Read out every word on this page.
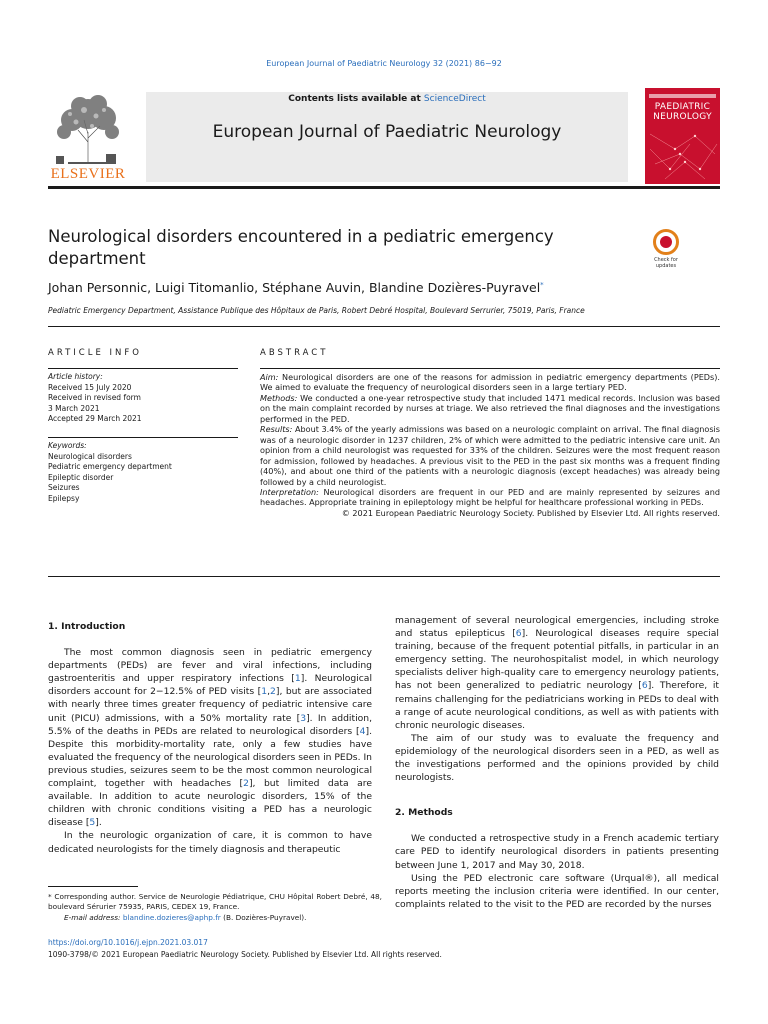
European Journal of Paediatric Neurology 32 (2021) 86−92
ELSEVIER
Contents lists available at ScienceDirect
European Journal of Paediatric Neurology
PAEDIATRIC NEUROLOGY
Neurological disorders encountered in a pediatric emergency department	Check for updates
Johan Personnic, Luigi Titomanlio, Stéphane Auvin, Blandine Dozières-Puyravel*
Pediatric Emergency Department, Assistance Publique des Hôpitaux de Paris, Robert Debré Hospital, Boulevard Serrurier, 75019, Paris, France
ARTICLE INFO
Article history:
Received 15 July 2020
Received in revised form
3 March 2021
Accepted 29 March 2021
Keywords:
Neurological disorders
Pediatric emergency department
Epileptic disorder
Seizures
Epilepsy
ABSTRACT
Aim: Neurological disorders are one of the reasons for admission in pediatric emergency departments (PEDs). We aimed to evaluate the frequency of neurological disorders seen in a large tertiary PED.
Methods: We conducted a one-year retrospective study that included 1471 medical records. Inclusion was based on the main complaint recorded by nurses at triage. We also retrieved the final diagnoses and the investigations performed in the PED.
Results: About 3.4% of the yearly admissions was based on a neurologic complaint on arrival. The final diagnosis was of a neurologic disorder in 1237 children, 2% of which were admitted to the pediatric intensive care unit. An opinion from a child neurologist was requested for 33% of the children. Seizures were the most frequent reason for admission, followed by headaches. A previous visit to the PED in the past six months was a frequent finding (40%), and about one third of the patients with a neurologic diagnosis (except headaches) was already being followed by a child neurologist.
Interpretation: Neurological disorders are frequent in our PED and are mainly represented by seizures and headaches. Appropriate training in epileptology might be helpful for healthcare professional working in PEDs.
© 2021 European Paediatric Neurology Society. Published by Elsevier Ltd. All rights reserved.
1. Introduction

The most common diagnosis seen in pediatric emergency departments (PEDs) are fever and viral infections, including gastroenteritis and upper respiratory infections [1]. Neurological disorders account for 2−12.5% of PED visits [1,2], but are associated with nearly three times greater frequency of pediatric intensive care unit (PICU) admissions, with a 50% mortality rate [3]. In addition, 5.5% of the deaths in PEDs are related to neurological disorders [4]. Despite this morbidity-mortality rate, only a few studies have evaluated the frequency of the neurological disorders seen in PEDs. In previous studies, seizures seem to be the most common neurological complaint, together with headaches [2], but limited data are available. In addition to acute neurologic disorders, 15% of the children with chronic conditions visiting a PED has a neurologic disease [5].

In the neurologic organization of care, it is common to have dedicated neurologists for the timely diagnosis and therapeutic

management of several neurological emergencies, including stroke and status epilepticus [6]. Neurological diseases require special training, because of the frequent potential pitfalls, in particular in an emergency setting. The neurohospitalist model, in which neurology specialists deliver high-quality care to emergency neurology patients, has not been generalized to pediatric neurology [6]. Therefore, it remains challenging for the pediatricians working in PEDs to deal with a range of acute neurological conditions, as well as with patients with chronic neurologic diseases.

The aim of our study was to evaluate the frequency and epidemiology of the neurological disorders seen in a PED, as well as the investigations performed and the opinions provided by child neurologists.

2. Methods

We conducted a retrospective study in a French academic tertiary care PED to identify neurological disorders in patients presenting between June 1, 2017 and May 30, 2018.

Using the PED electronic care software (Urqual®), all medical reports meeting the inclusion criteria were identified. In our center, complaints related to the visit to the PED are recorded by the nurses

* Corresponding author. Service de Neurologie Pédiatrique, CHU Hôpital Robert Debré, 48, boulevard Sérurier 75935, PARIS, CEDEX 19, France.
E-mail address: blandine.dozieres@aphp.fr (B. Dozières-Puyravel).
https://doi.org/10.1016/j.ejpn.2021.03.017
1090-3798/© 2021 European Paediatric Neurology Society. Published by Elsevier Ltd. All rights reserved.
